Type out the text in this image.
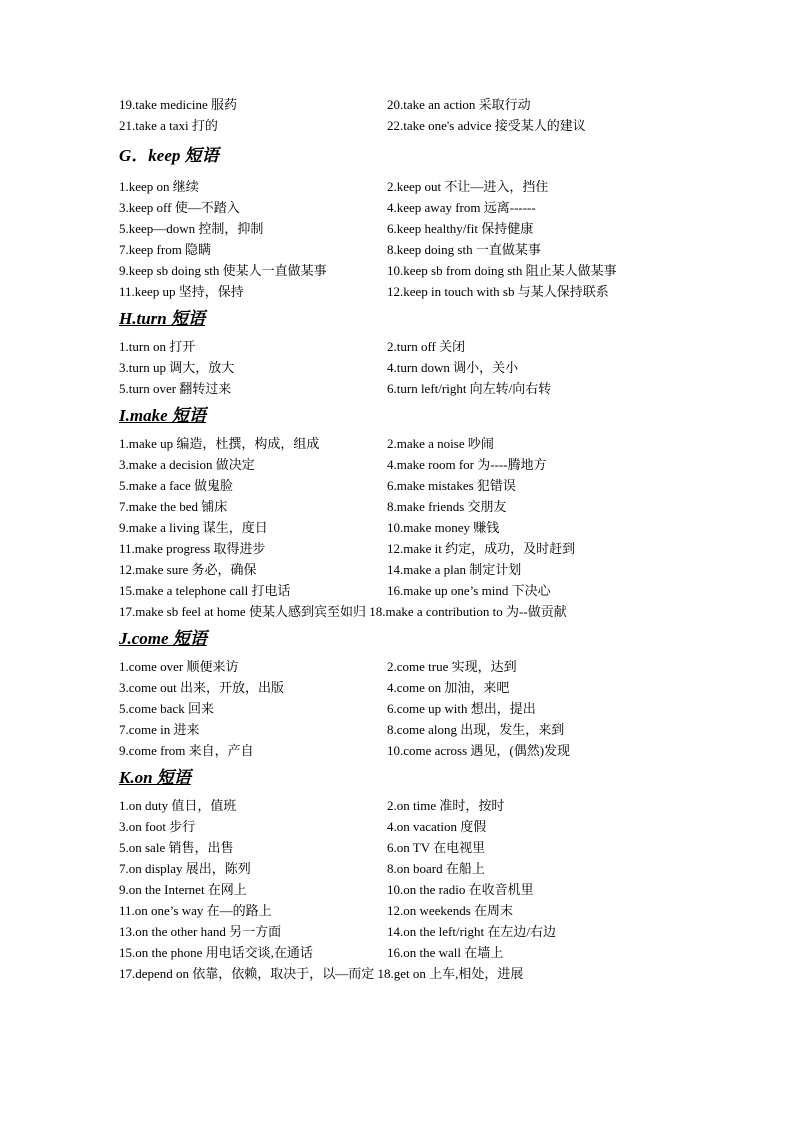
19.take medicine 服药	20.take an action 采取行动
21.take a taxi 打的	22.take one's advice 接受某人的建议
G．keep 短语
1.keep on 继续	2.keep out 不让—进入，挡住
3.keep off 使—不踏入	4.keep away from 远离------
5.keep—down 控制，抑制	6.keep healthy/fit 保持健康
7.keep from 隐瞒	8.keep doing sth 一直做某事
9.keep sb doing sth 使某人一直做某事	10.keep sb from doing sth 阻止某人做某事
11.keep up 坚持，保持	12.keep in touch with sb 与某人保持联系
H.turn 短语
1.turn on 打开	2.turn off 关闭
3.turn up 调大，放大	4.turn down 调小，关小
5.turn over 翻转过来	6.turn left/right 向左转/向右转
I.make 短语
1.make up 编造，杜撰，构成，组成	2.make a noise 吵闹
3.make a decision 做决定	4.make room for 为----腾地方
5.make a face 做鬼脸	6.make mistakes 犯错误
7.make the bed 铺床	8.make friends 交朋友
9.make a living 谋生，度日	10.make money 赚钱
11.make progress 取得进步	12.make it 约定，成功，及时赶到
12.make sure 务必，确保	14.make a plan 制定计划
15.make a telephone call 打电话	16.make up one’s mind 下决心
17.make sb feel at home 使某人感到宾至如归 18.make a contribution to 为--做贡献
J.come 短语
1.come over 顺便来访	2.come true 实现，达到
3.come out 出来，开放，出版	4.come on 加油，来吧
5.come back 回来	6.come up with 想出，提出
7.come in 进来	8.come along 出现，发生，来到
9.come from 来自，产自	10.come across 遇见，(偶然)发现
K.on 短语
1.on duty 值日，值班	2.on time 准时，按时
3.on foot 步行	4.on vacation 度假
5.on sale 销售，出售	6.on TV 在电视里
7.on display 展出，陈列	8.on board 在船上
9.on the Internet 在网上	10.on the radio 在收音机里
11.on one’s way 在—的路上	12.on weekends 在周末
13.on the other hand 另一方面	14.on the left/right 在左边/右边
15.on the phone 用电话交谈,在通话	16.on the wall 在墙上
17.depend on 依靠，依赖，取决于，以—而定 18.get on 上车,相处，进展
